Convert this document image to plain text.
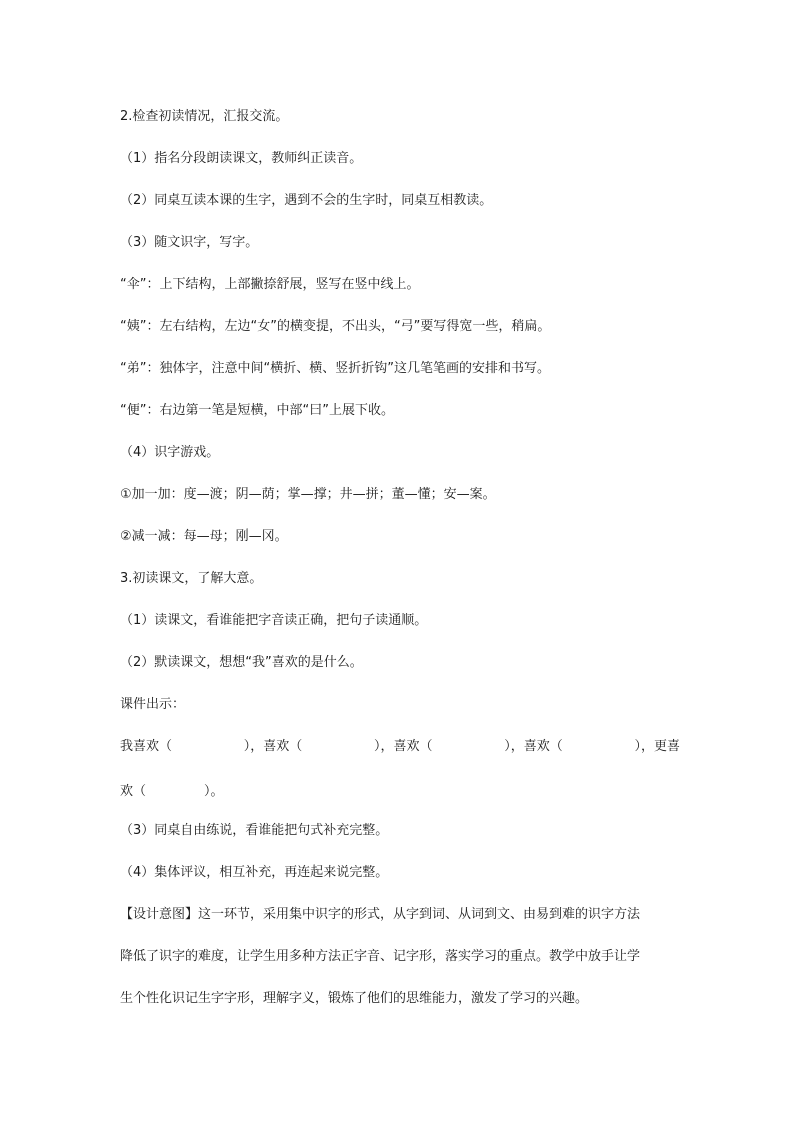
2.检查初读情况，汇报交流。

（1）指名分段朗读课文，教师纠正读音。

（2）同桌互读本课的生字，遇到不会的生字时，同桌互相教读。

（3）随文识字，写字。

“伞”：上下结构，上部撇捺舒展，竖写在竖中线上。

“姨”：左右结构，左边“女”的横变提，不出头，“弓”要写得宽一些，稍扁。

“弟”：独体字，注意中间“横折、横、竖折折钩”这几笔笔画的安排和书写。

“便”：右边第一笔是短横，中部“曰”上展下收。

（4）识字游戏。

①加一加：度—渡；阴—荫；掌—撑；井—拼；董—懂；安—案。

②减一减：每—母；刚—冈。

3.初读课文，了解大意。

（1）读课文，看谁能把字音读正确，把句子读通顺。

（2）默读课文，想想“我”喜欢的是什么。

课件出示：

我喜欢（	），喜欢（	），喜欢（	），喜欢（	），更喜
欢（	）。

（3）同桌自由练说，看谁能把句式补充完整。

（4）集体评议，相互补充，再连起来说完整。

【设计意图】这一环节，采用集中识字的形式，从字到词、从词到文、由易到难的识字方法

降低了识字的难度，让学生用多种方法正字音、记字形，落实学习的重点。教学中放手让学

生个性化识记生字字形，理解字义，锻炼了他们的思维能力，激发了学习的兴趣。
